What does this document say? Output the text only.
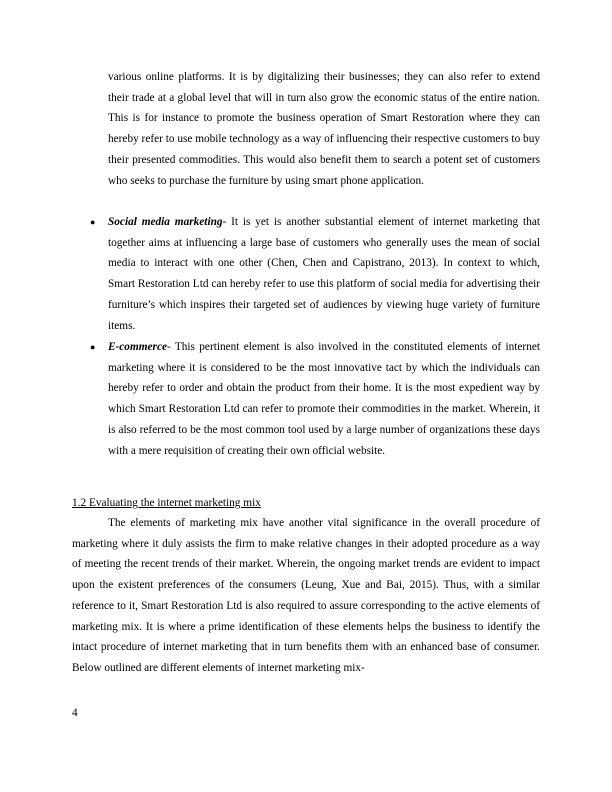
various online platforms. It is by digitalizing their businesses; they can also refer to extend their trade at a global level that will in turn also grow the economic status of the entire nation. This is for instance to promote the business operation of Smart Restoration where they can hereby refer to use mobile technology as a way of influencing their respective customers to buy their presented commodities. This would also benefit them to search a potent set of customers who seeks to purchase the furniture by using smart phone application.

● Social media marketing- It is yet is another substantial element of internet marketing that together aims at influencing a large base of customers who generally uses the mean of social media to interact with one other (Chen, Chen and Capistrano, 2013). In context to which, Smart Restoration Ltd can hereby refer to use this platform of social media for advertising their furniture’s which inspires their targeted set of audiences by viewing huge variety of furniture items.

● E-commerce- This pertinent element is also involved in the constituted elements of internet marketing where it is considered to be the most innovative tact by which the individuals can hereby refer to order and obtain the product from their home. It is the most expedient way by which Smart Restoration Ltd can refer to promote their commodities in the market. Wherein, it is also referred to be the most common tool used by a large number of organizations these days with a mere requisition of creating their own official website.

1.2 Evaluating the internet marketing mix

The elements of marketing mix have another vital significance in the overall procedure of marketing where it duly assists the firm to make relative changes in their adopted procedure as a way of meeting the recent trends of their market. Wherein, the ongoing market trends are evident to impact upon the existent preferences of the consumers (Leung, Xue and Bai, 2015). Thus, with a similar reference to it, Smart Restoration Ltd is also required to assure corresponding to the active elements of marketing mix. It is where a prime identification of these elements helps the business to identify the intact procedure of internet marketing that in turn benefits them with an enhanced base of consumer. Below outlined are different elements of internet marketing mix-

4
